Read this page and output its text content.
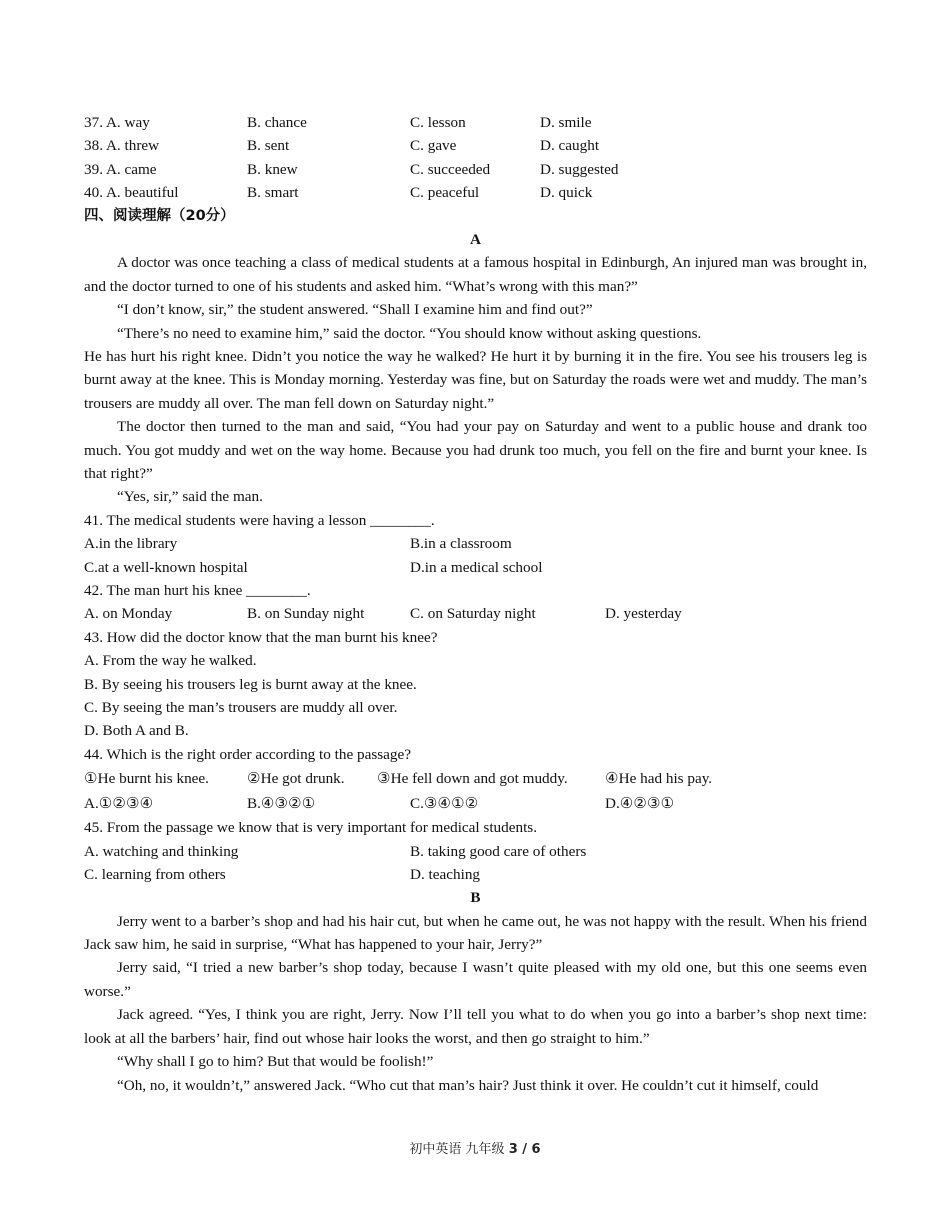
37. A. way	B. chance	C. lesson	D. smile
38. A. threw	B. sent	C. gave	D. caught
39. A. came	B. knew	C. succeeded	D. suggested
40. A. beautiful	B. smart	C. peaceful	D. quick
四、阅读理解（20分）
A
A doctor was once teaching a class of medical students at a famous hospital in Edinburgh, An injured man was brought in, and the doctor turned to one of his students and asked him. “What’s wrong with this man?”
“I don’t know, sir,” the student answered. “Shall I examine him and find out?”
“There’s no need to examine him,” said the doctor. “You should know without asking questions.
He has hurt his right knee. Didn’t you notice the way he walked? He hurt it by burning it in the fire. You see his trousers leg is burnt away at the knee. This is Monday morning. Yesterday was fine, but on Saturday the roads were wet and muddy. The man’s trousers are muddy all over. The man fell down on Saturday night.”
The doctor then turned to the man and said, “You had your pay on Saturday and went to a public house and drank too much. You got muddy and wet on the way home. Because you had drunk too much, you fell on the fire and burnt your knee. Is that right?”
“Yes, sir,” said the man.
41. The medical students were having a lesson ________.
A.in the library	B.in a classroom
C.at a well-known hospital	D.in a medical school
42. The man hurt his knee ________.
A. on Monday	B. on Sunday night	C. on Saturday night	D. yesterday
43. How did the doctor know that the man burnt his knee?
A. From the way he walked.
B. By seeing his trousers leg is burnt away at the knee.
C. By seeing the man’s trousers are muddy all over.
D. Both A and B.
44. Which is the right order according to the passage?
①He burnt his knee.	②He got drunk. ③He fell down and got muddy. ④He had his pay.
A.①②③④	B.④③②①	C.③④①②	D.④②③①
45. From the passage we know that is very important for medical students.
A. watching and thinking	B. taking good care of others
C. learning from others	D. teaching
B
Jerry went to a barber’s shop and had his hair cut, but when he came out, he was not happy with the result. When his friend Jack saw him, he said in surprise, “What has happened to your hair, Jerry?”
Jerry said, “I tried a new barber’s shop today, because I wasn’t quite pleased with my old one, but this one seems even worse.”
Jack agreed. “Yes, I think you are right, Jerry. Now I’ll tell you what to do when you go into a barber’s shop next time: look at all the barbers’ hair, find out whose hair looks the worst, and then go straight to him.”
“Why shall I go to him? But that would be foolish!”
“Oh, no, it wouldn’t,” answered Jack. “Who cut that man’s hair? Just think it over. He couldn’t cut it himself, could
初中英语 九年级 3 / 6
